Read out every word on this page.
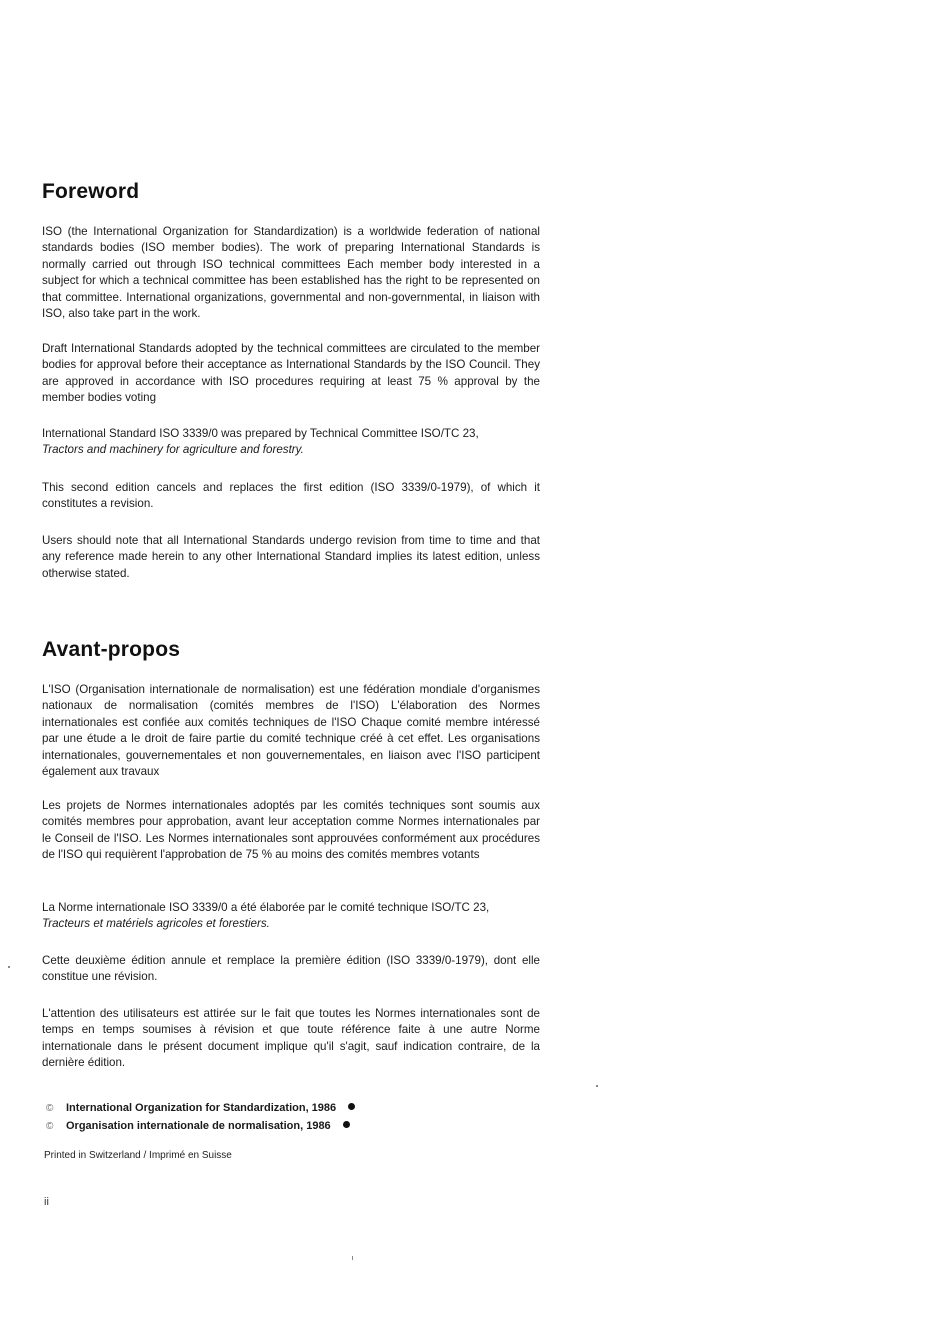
Foreword

ISO (the International Organization for Standardization) is a worldwide federation of national standards bodies (ISO member bodies). The work of preparing International Standards is normally carried out through ISO technical committees Each member body interested in a subject for which a technical committee has been established has the right to be represented on that committee. International organizations, governmental and non-governmental, in liaison with ISO, also take part in the work.

Draft International Standards adopted by the technical committees are circulated to the member bodies for approval before their acceptance as International Standards by the ISO Council. They are approved in accordance with ISO procedures requiring at least 75 % approval by the member bodies voting

International Standard ISO 3339/0 was prepared by Technical Committee ISO/TC 23,
Tractors and machinery for agriculture and forestry.

This second edition cancels and replaces the first edition (ISO 3339/0-1979), of which it constitutes a revision.

Users should note that all International Standards undergo revision from time to time and that any reference made herein to any other International Standard implies its latest edition, unless otherwise stated.

Avant-propos

L'ISO (Organisation internationale de normalisation) est une fédération mondiale d'organismes nationaux de normalisation (comités membres de l'ISO) L'élaboration des Normes internationales est confiée aux comités techniques de l'ISO Chaque comité membre intéressé par une étude a le droit de faire partie du comité technique créé à cet effet. Les organisations internationales, gouvernementales et non gouvernementales, en liaison avec l'ISO participent également aux travaux

Les projets de Normes internationales adoptés par les comités techniques sont soumis aux comités membres pour approbation, avant leur acceptation comme Normes internationales par le Conseil de l'ISO. Les Normes internationales sont approuvées conformément aux procédures de l'ISO qui requièrent l'approbation de 75 % au moins des comités membres votants

La Norme internationale ISO 3339/0 a été élaborée par le comité technique ISO/TC 23,
Tracteurs et matériels agricoles et forestiers.

Cette deuxième édition annule et remplace la première édition (ISO 3339/0-1979), dont elle constitue une révision.

L'attention des utilisateurs est attirée sur le fait que toutes les Normes internationales sont de temps en temps soumises à révision et que toute référence faite à une autre Norme internationale dans le présent document implique qu'il s'agit, sauf indication contraire, de la dernière édition.

© International Organization for Standardization, 1986
© Organisation internationale de normalisation, 1986
Printed in Switzerland / Imprimé en Suisse
ii
